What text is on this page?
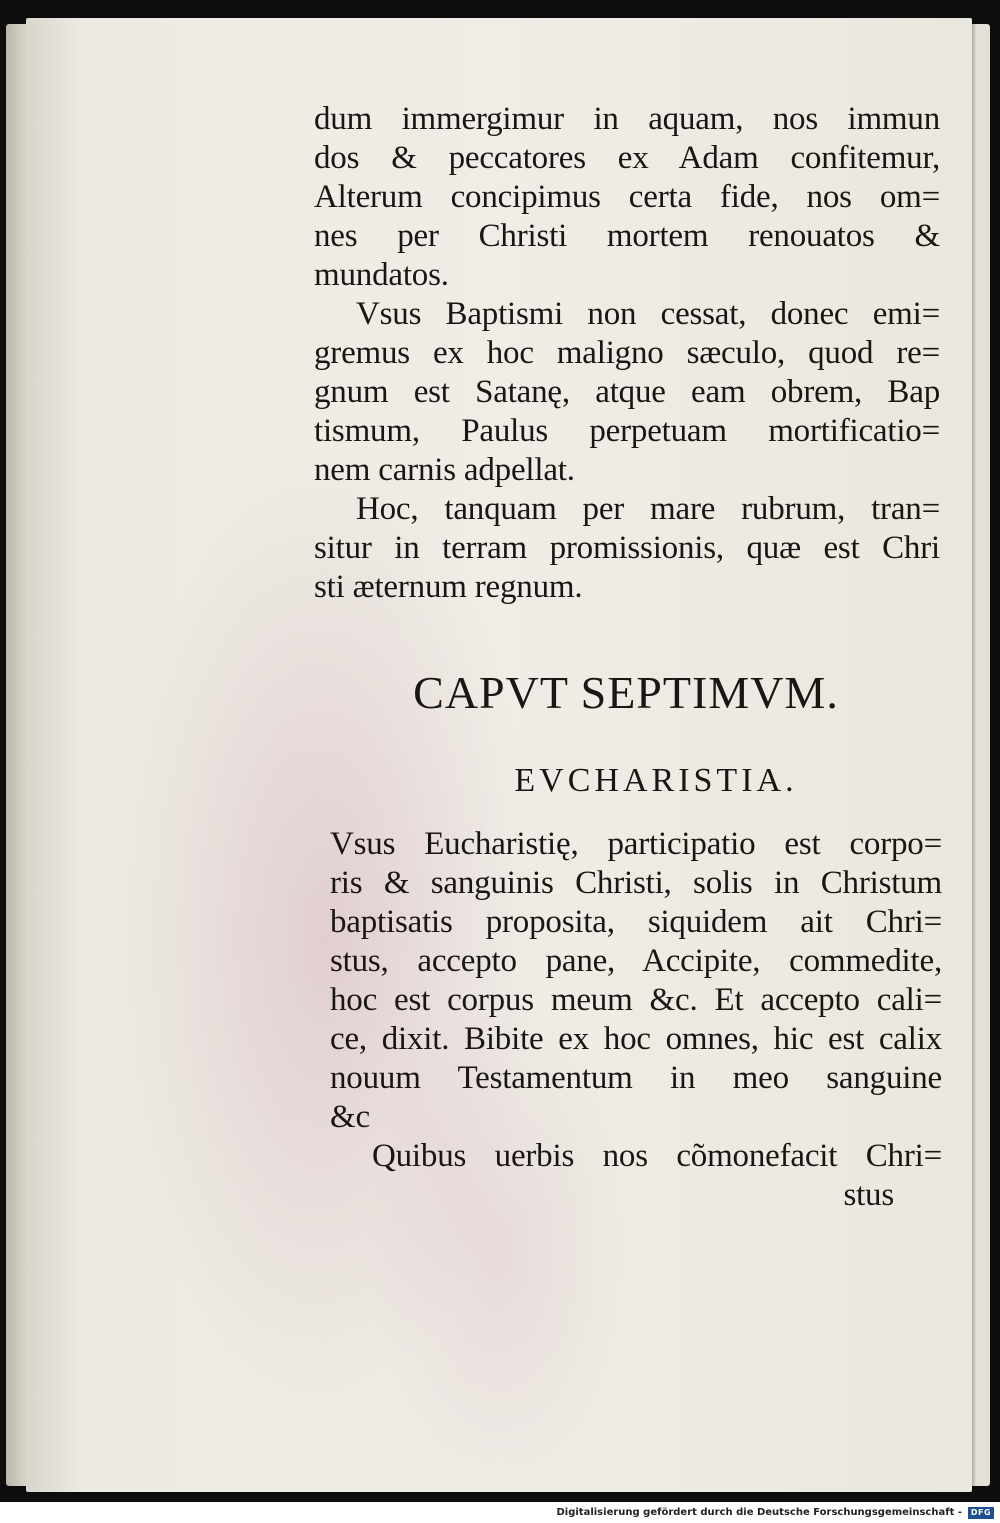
dum immergimur in aquam, nos immun
dos & peccatores ex Adam confitemur,
Alterum concipimus certa fide, nos om=
nes per Christi mortem renouatos &
mundatos.
Vsus Baptismi non cessat, donec emi=
gremus ex hoc maligno sæculo, quod re=
gnum est Satanę, atque eam obrem, Bap
tismum, Paulus perpetuam mortificatio=
nem carnis adpellat.
Hoc, tanquam per mare rubrum, tran=
situr in terram promissionis, quæ est Chri
sti æternum regnum.
CAPVT SEPTIMVM.
EVCHARISTIA.
Vsus Eucharistię, participatio est corpo=
ris & sanguinis Christi, solis in Christum
baptisatis proposita, siquidem ait Chri=
stus, accepto pane, Accipite, commedite,
hoc est corpus meum &c. Et accepto cali=
ce, dixit. Bibite ex hoc omnes, hic est calix
nouum Testamentum in meo sanguine
&c
Quibus uerbis nos cõmonefacit Chri=
stus
Digitalisierung gefördert durch die Deutsche Forschungsgemeinschaft -	DFG
